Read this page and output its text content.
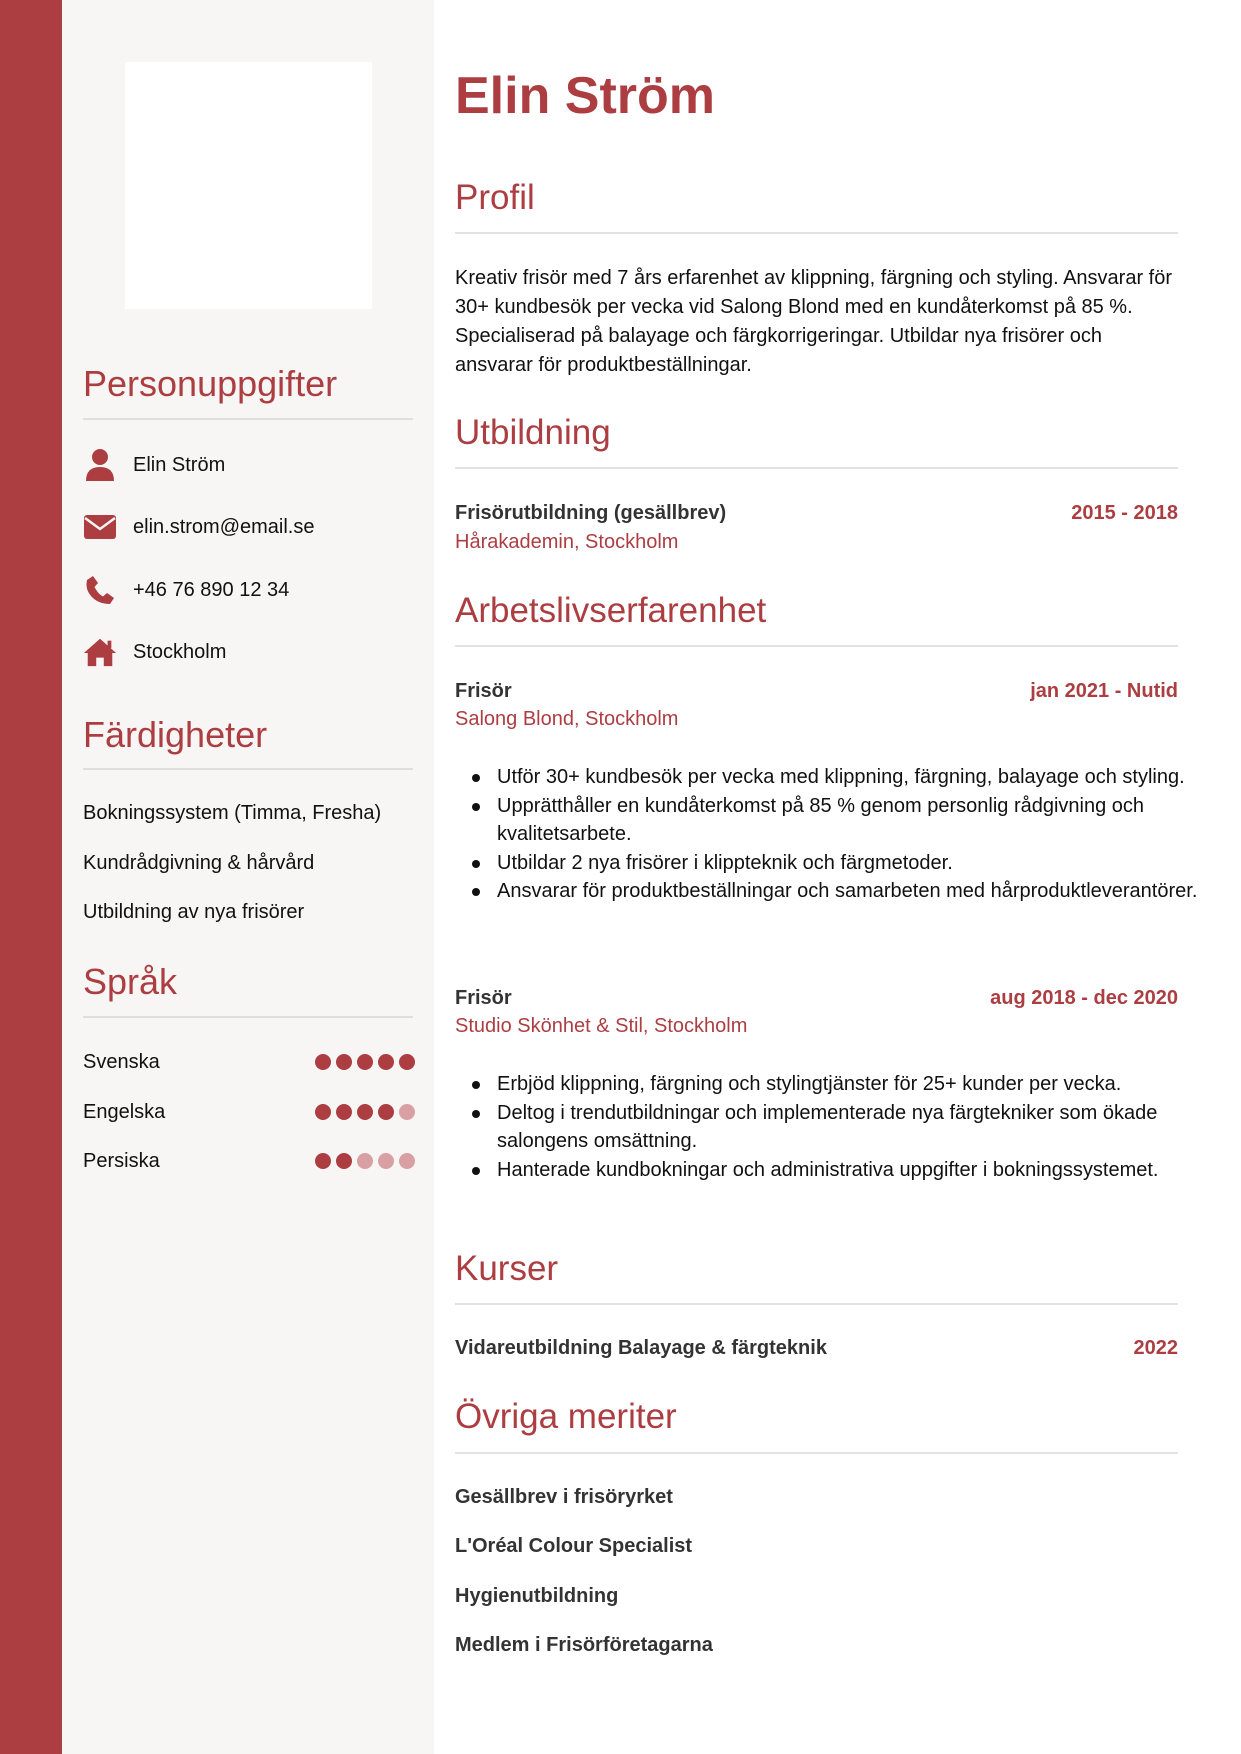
Personuppgifter
Elin Ström
elin.strom@email.se
+46 76 890 12 34
Stockholm
Färdigheter
Bokningssystem (Timma, Fresha)
Kundrådgivning & hårvård
Utbildning av nya frisörer
Språk
Svenska
Engelska
Persiska
Elin Ström
Profil

Kreativ frisör med 7 års erfarenhet av klippning, färgning och styling. Ansvarar för 30+ kundbesök per vecka vid Salong Blond med en kundåterkomst på 85 %. Specialiserad på balayage och färgkorrigeringar. Utbildar nya frisörer och ansvarar för produktbeställningar.

Utbildning
Frisörutbildning (gesällbrev)	2015 - 2018
Hårakademin, Stockholm
Arbetslivserfarenhet
Frisör	jan 2021 - Nutid
Salong Blond, Stockholm
Utför 30+ kundbesök per vecka med klippning, färgning, balayage och styling.
Upprätthåller en kundåterkomst på 85 % genom personlig rådgivning och kvalitetsarbete.
Utbildar 2 nya frisörer i klippteknik och färgmetoder.
Ansvarar för produktbeställningar och samarbeten med hårproduktleverantörer.
Frisör	aug 2018 - dec 2020
Studio Skönhet & Stil, Stockholm
Erbjöd klippning, färgning och stylingtjänster för 25+ kunder per vecka.
Deltog i trendutbildningar och implementerade nya färgtekniker som ökade salongens omsättning.
Hanterade kundbokningar och administrativa uppgifter i bokningssystemet.
Kurser
Vidareutbildning Balayage & färgteknik	2022
Övriga meriter
Gesällbrev i frisöryrket
L'Oréal Colour Specialist
Hygienutbildning
Medlem i Frisörföretagarna
